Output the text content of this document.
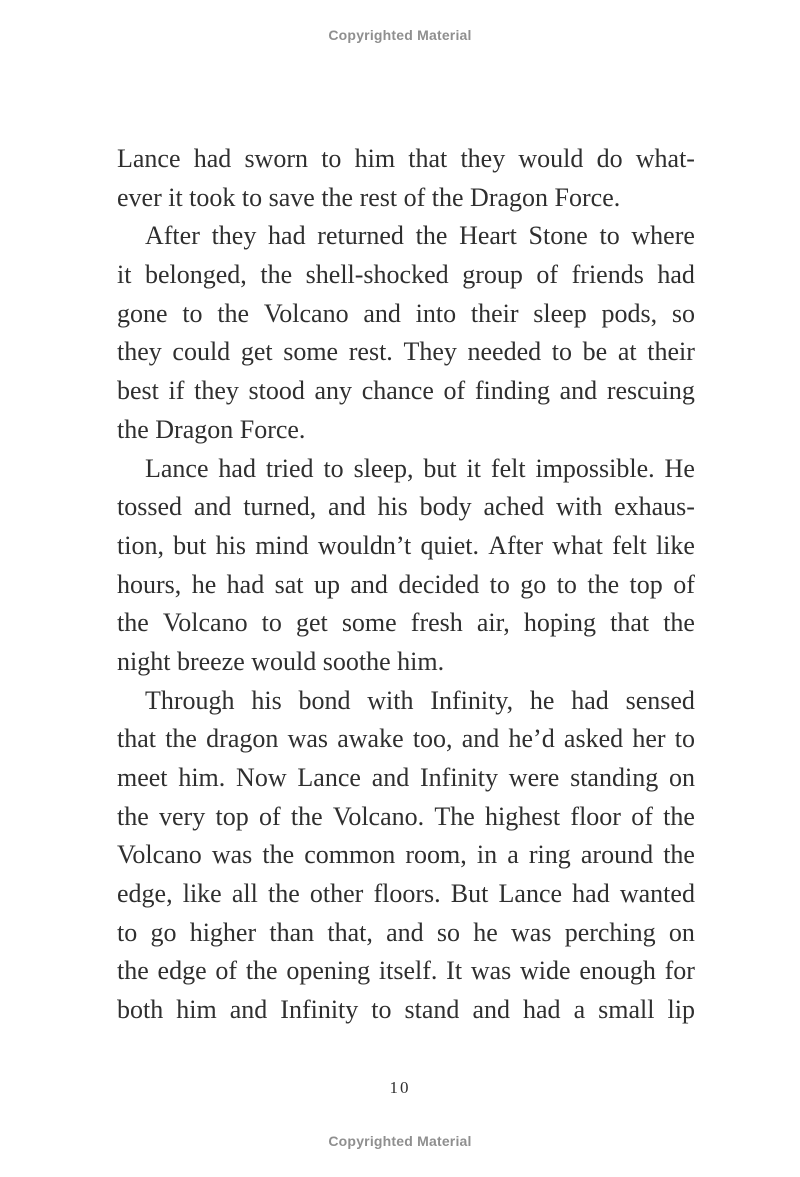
Copyrighted Material
Lance had sworn to him that they would do what-
ever it took to save the rest of the Dragon Force.
After they had returned the Heart Stone to where
it belonged, the shell-shocked group of friends had
gone to the Volcano and into their sleep pods, so
they could get some rest. They needed to be at their
best if they stood any chance of finding and rescuing
the Dragon Force.
Lance had tried to sleep, but it felt impossible. He
tossed and turned, and his body ached with exhaus-
tion, but his mind wouldn’t quiet. After what felt like
hours, he had sat up and decided to go to the top of
the Volcano to get some fresh air, hoping that the
night breeze would soothe him.
Through his bond with Infinity, he had sensed
that the dragon was awake too, and he’d asked her to
meet him. Now Lance and Infinity were standing on
the very top of the Volcano. The highest floor of the
Volcano was the common room, in a ring around the
edge, like all the other floors. But Lance had wanted
to go higher than that, and so he was perching on
the edge of the opening itself. It was wide enough for
both him and Infinity to stand and had a small lip
10
Copyrighted Material
